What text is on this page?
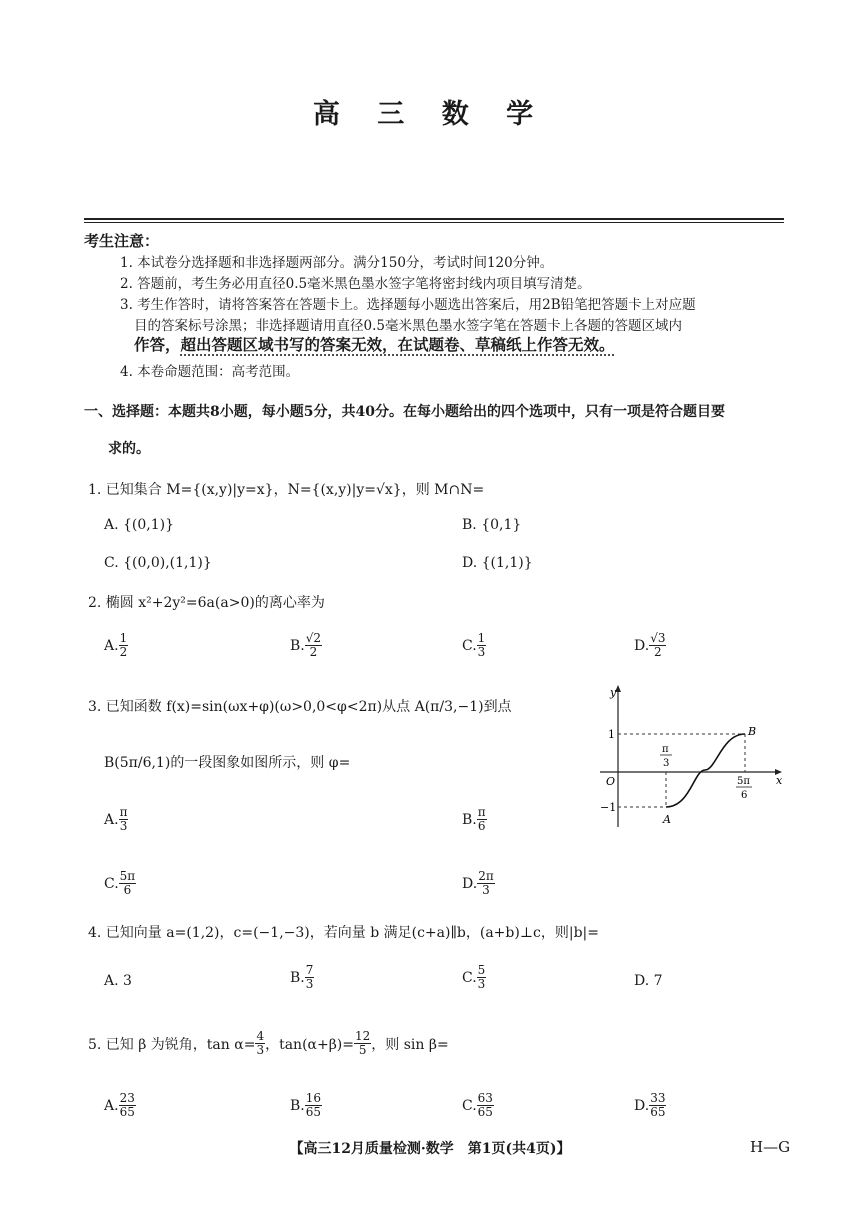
高 三 数 学
考生注意：
1. 本试卷分选择题和非选择题两部分。满分150分，考试时间120分钟。
2. 答题前，考生务必用直径0.5毫米黑色墨水签字笔将密封线内项目填写清楚。
3. 考生作答时，请将答案答在答题卡上。选择题每小题选出答案后，用2B铅笔把答题卡上对应题
目的答案标号涂黑；非选择题请用直径0.5毫米黑色墨水签字笔在答题卡上各题的答题区域内
作答，超出答题区域书写的答案无效，在试题卷、草稿纸上作答无效。
4. 本卷命题范围：高考范围。
一、选择题：本题共8小题，每小题5分，共40分。在每小题给出的四个选项中，只有一项是符合题目要
求的。
1. 已知集合 M={(x,y)|y=x}，N={(x,y)|y=√x}，则 M∩N=
A. {(0,1)}	B. {0,1}
C. {(0,0),(1,1)}	D. {(1,1)}
2. 椭圆 x²+2y²=6a(a>0)的离心率为
A. $\frac{1}{2}$	B. $\frac{√2}{2}$	C. $\frac{1}{3}$	D. $\frac{√3}{2}$
3. 已知函数 f(x)=sin(ωx+φ)(ω>0,0<φ<2π)从点 A(π/3,−1)到点
B(5π/6,1)的一段图象如图所示，则 φ=
A. $\frac{\pi}{3}$	B. $\frac{\pi}{6}$
C. $\frac{5\pi}{6}$	D. $\frac{2\pi}{3}$
y
x
O
1
−1
π
3
5π
6
A
B
4. 已知向量 a=(1,2)，c=(−1,−3)，若向量 b 满足(c+a)∥b，(a+b)⊥c，则|b|=
A. 3	B. $\frac{7}{3}$	C. $\frac{5}{3}$	D. 7
5. 已知 β 为锐角，$\tan \alpha= \frac{4}{3}$ ，$\tan(\alpha+\beta)= \frac{12}{5}$ ，则 sin β=
A. $\frac{23}{65}$	B. $\frac{16}{65}$	C. $\frac{63}{65}$	D. $\frac{33}{65}$
【高三12月质量检测·数学　第1页(共4页)】	H—G
